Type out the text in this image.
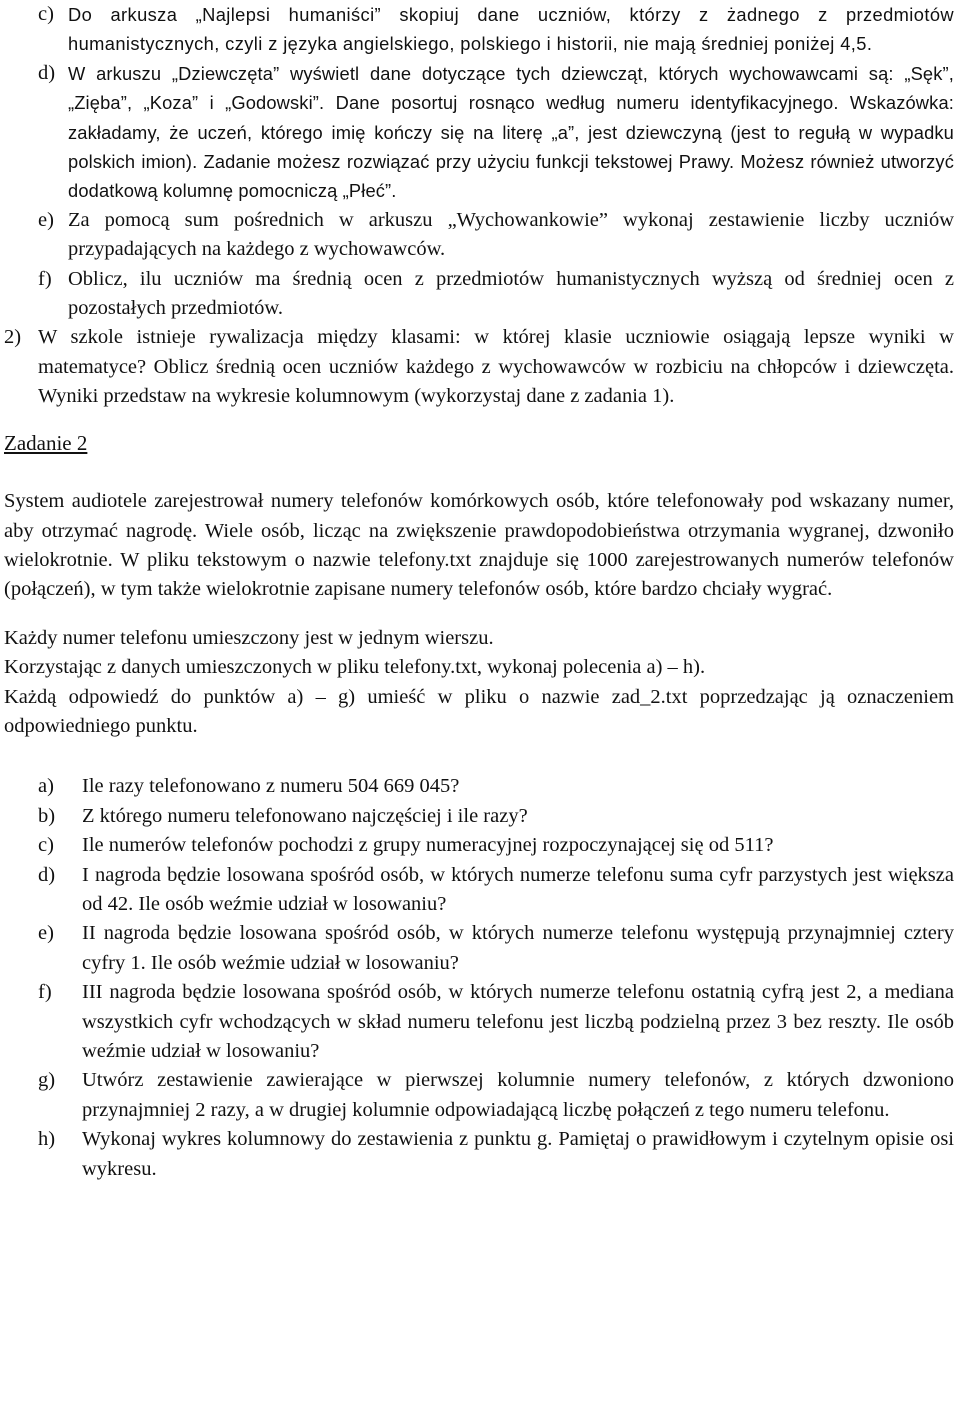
c) Do arkusza „Najlepsi humaniści” skopiuj dane uczniów, którzy z żadnego z przedmiotów humanistycznych, czyli z języka angielskiego, polskiego i historii, nie mają średniej poniżej 4,5.
d) W arkuszu „Dziewczęta” wyświetl dane dotyczące tych dziewcząt, których wychowawcami są: „Sęk”, „Zięba”, „Koza” i „Godowski”. Dane posortuj rosnąco według numeru identyfikacyjnego. Wskazówka: zakładamy, że uczeń, którego imię kończy się na literę „a”, jest dziewczyną (jest to regułą w wypadku polskich imion). Zadanie możesz rozwiązać przy użyciu funkcji tekstowej Prawy. Możesz również utworzyć dodatkową kolumnę pomocniczą „Płeć”.
e) Za pomocą sum pośrednich w arkuszu „Wychowankowie” wykonaj zestawienie liczby uczniów przypadających na każdego z wychowawców.
f) Oblicz, ilu uczniów ma średnią ocen z przedmiotów humanistycznych wyższą od średniej ocen z pozostałych przedmiotów.
2) W szkole istnieje rywalizacja między klasami: w której klasie uczniowie osiągają lepsze wyniki w matematyce? Oblicz średnią ocen uczniów każdego z wychowawców w rozbiciu na chłopców i dziewczęta. Wyniki przedstaw na wykresie kolumnowym (wykorzystaj dane z zadania 1).
Zadanie 2
System audiotele zarejestrował numery telefonów komórkowych osób, które telefonowały pod wskazany numer, aby otrzymać nagrodę. Wiele osób, licząc na zwiększenie prawdopodobieństwa otrzymania wygranej, dzwoniło wielokrotnie. W pliku tekstowym o nazwie telefony.txt znajduje się 1000 zarejestrowanych numerów telefonów (połączeń), w tym także wielokrotnie zapisane numery telefonów osób, które bardzo chciały wygrać.
Każdy numer telefonu umieszczony jest w jednym wierszu.
Korzystając z danych umieszczonych w pliku telefony.txt, wykonaj polecenia a) – h).
Każdą odpowiedź do punktów a) – g) umieść w pliku o nazwie zad_2.txt poprzedzając ją oznaczeniem odpowiedniego punktu.
a)	Ile razy telefonowano z numeru 504 669 045?
b)	Z którego numeru telefonowano najczęściej i ile razy?
c)	Ile numerów telefonów pochodzi z grupy numeracyjnej rozpoczynającej się od 511?
d)	I nagroda będzie losowana spośród osób, w których numerze telefonu suma cyfr parzystych jest większa od 42. Ile osób weźmie udział w losowaniu?
e)	II nagroda będzie losowana spośród osób, w których numerze telefonu występują przynajmniej cztery cyfry 1. Ile osób weźmie udział w losowaniu?
f)	III nagroda będzie losowana spośród osób, w których numerze telefonu ostatnią cyfrą jest 2, a mediana wszystkich cyfr wchodzących w skład numeru telefonu jest liczbą podzielną przez 3 bez reszty. Ile osób weźmie udział w losowaniu?
g)	Utwórz zestawienie zawierające w pierwszej kolumnie numery telefonów, z których dzwoniono przynajmniej 2 razy, a w drugiej kolumnie odpowiadającą liczbę połączeń z tego numeru telefonu.
h)	Wykonaj wykres kolumnowy do zestawienia z punktu g. Pamiętaj o prawidłowym i czytelnym opisie osi wykresu.
